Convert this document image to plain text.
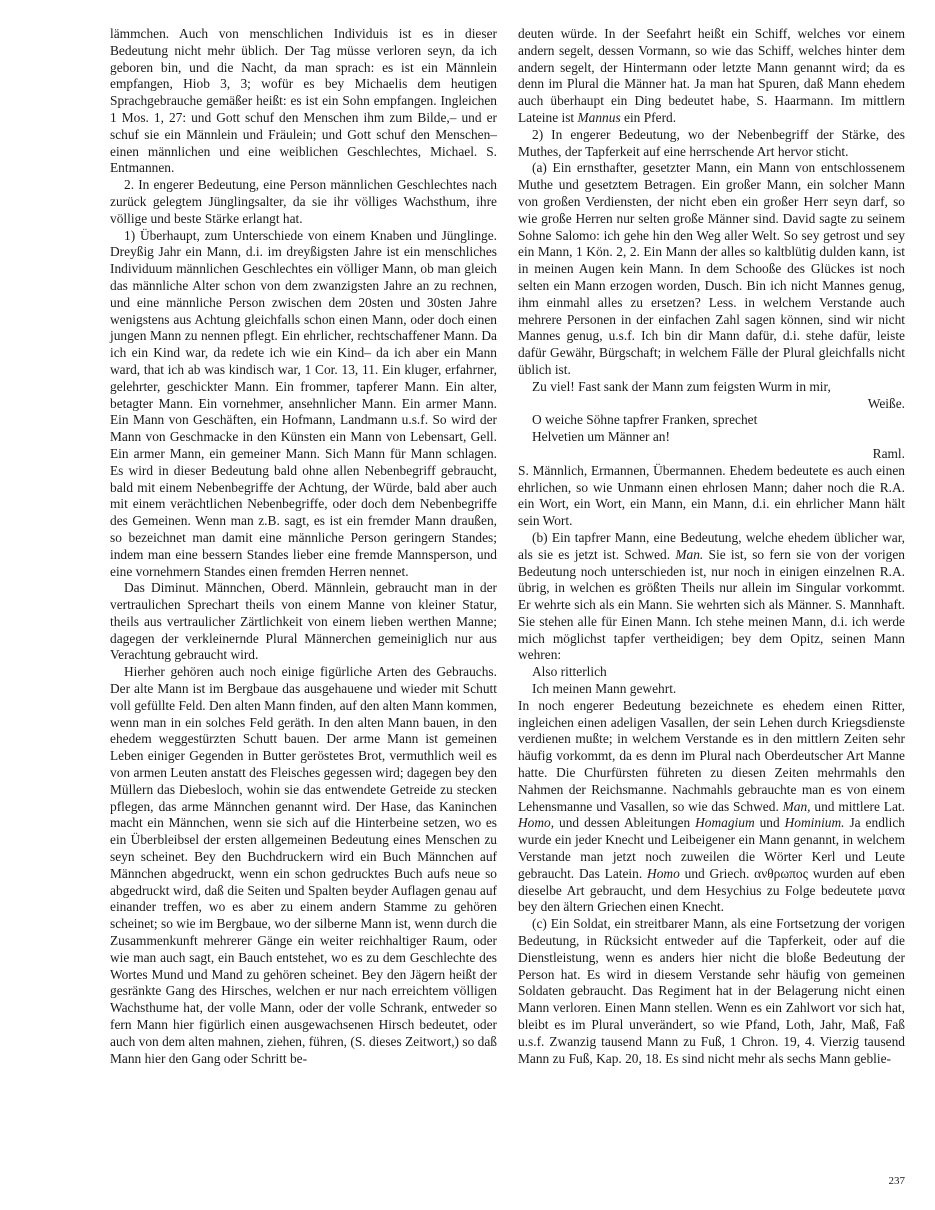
lämmchen. Auch von menschlichen Individuis ist es in dieser Bedeutung nicht mehr üblich. Der Tag müsse verloren seyn, da ich geboren bin, und die Nacht, da man sprach: es ist ein Männlein empfangen, Hiob 3, 3; wofür es bey Michaelis dem heutigen Sprachgebrauche gemäßer heißt: es ist ein Sohn empfangen. Ingleichen 1 Mos. 1, 27: und Gott schuf den Menschen ihm zum Bilde,– und er schuf sie ein Männlein und Fräulein; und Gott schuf den Menschen– einen männlichen und eine weiblichen Geschlechtes, Michael. S. Entmannen.

2. In engerer Bedeutung, eine Person männlichen Geschlechtes nach zurück gelegtem Jünglingsalter, da sie ihr völliges Wachsthum, ihre völlige und beste Stärke erlangt hat.

1) Überhaupt, zum Unterschiede von einem Knaben und Jünglinge. Dreyßig Jahr ein Mann, d.i. im dreyßigsten Jahre ist ein menschliches Individuum männlichen Geschlechtes ein völliger Mann, ob man gleich das männliche Alter schon von dem zwanzigsten Jahre an zu rechnen, und eine männliche Person zwischen dem 20sten und 30sten Jahre wenigstens aus Achtung gleichfalls schon einen Mann, oder doch einen jungen Mann zu nennen pflegt. Ein ehrlicher, rechtschaffener Mann. Da ich ein Kind war, da redete ich wie ein Kind– da ich aber ein Mann ward, that ich ab was kindisch war, 1 Cor. 13, 11. Ein kluger, erfahrner, gelehrter, geschickter Mann. Ein frommer, tapferer Mann. Ein alter, betagter Mann. Ein vornehmer, ansehnlicher Mann. Ein armer Mann. Ein Mann von Geschäften, ein Hofmann, Landmann u.s.f. So wird der Mann von Geschmacke in den Künsten ein Mann von Lebensart, Gell. Ein armer Mann, ein gemeiner Mann. Sich Mann für Mann schlagen. Es wird in dieser Bedeutung bald ohne allen Nebenbegriff gebraucht, bald mit einem Nebenbegriffe der Achtung, der Würde, bald aber auch mit einem verächtlichen Nebenbegriffe, oder doch dem Nebenbegriffe des Gemeinen. Wenn man z.B. sagt, es ist ein fremder Mann draußen, so bezeichnet man damit eine männliche Person geringern Standes; indem man eine bessern Standes lieber eine fremde Mannsperson, und eine vornehmern Standes einen fremden Herren nennet.

Das Diminut. Männchen, Oberd. Männlein, gebraucht man in der vertraulichen Sprechart theils von einem Manne von kleiner Statur, theils aus vertraulicher Zärtlichkeit von einem lieben werthen Manne; dagegen der verkleinernde Plural Männerchen gemeiniglich nur aus Verachtung gebraucht wird.

Hierher gehören auch noch einige figürliche Arten des Gebrauchs. Der alte Mann ist im Bergbaue das ausgehauene und wieder mit Schutt voll gefüllte Feld. Den alten Mann finden, auf den alten Mann kommen, wenn man in ein solches Feld geräth. In den alten Mann bauen, in den ehedem weggestürzten Schutt bauen. Der arme Mann ist gemeinen Leben einiger Gegenden in Butter geröstetes Brot, vermuthlich weil es von armen Leuten anstatt des Fleisches gegessen wird; dagegen bey den Müllern das Diebesloch, wohin sie das entwendete Getreide zu stecken pflegen, das arme Männchen genannt wird. Der Hase, das Kaninchen macht ein Männchen, wenn sie sich auf die Hinterbeine setzen, wo es ein Überbleibsel der ersten allgemeinen Bedeutung eines Menschen zu seyn scheinet. Bey den Buchdruckern wird ein Buch Männchen auf Männchen abgedruckt, wenn ein schon gedrucktes Buch aufs neue so abgedruckt wird, daß die Seiten und Spalten beyder Auflagen genau auf einander treffen, wo es aber zu einem andern Stamme zu gehören scheinet; so wie im Bergbaue, wo der silberne Mann ist, wenn durch die Zusammenkunft mehrerer Gänge ein weiter reichhaltiger Raum, oder wie man auch sagt, ein Bauch entstehet, wo es zu dem Geschlechte des Wortes Mund und Mand zu gehören scheinet. Bey den Jägern heißt der gesränkte Gang des Hirsches, welchen er nur nach erreichtem völligen Wachsthume hat, der volle Mann, oder der volle Schrank, entweder so fern Mann hier figürlich einen ausgewachsenen Hirsch bedeutet, oder auch von dem alten mahnen, ziehen, führen, (S. dieses Zeitwort,) so daß Mann hier den Gang oder Schritt be-

deuten würde. In der Seefahrt heißt ein Schiff, welches vor einem andern segelt, dessen Vormann, so wie das Schiff, welches hinter dem andern segelt, der Hintermann oder letzte Mann genannt wird; da es denn im Plural die Männer hat. Ja man hat Spuren, daß Mann ehedem auch überhaupt ein Ding bedeutet habe, S. Haarmann. Im mittlern Lateine ist Mannus ein Pferd.

2) In engerer Bedeutung, wo der Nebenbegriff der Stärke, des Muthes, der Tapferkeit auf eine herrschende Art hervor sticht.

(a) Ein ernsthafter, gesetzter Mann, ein Mann von entschlossenem Muthe und gesetztem Betragen. Ein großer Mann, ein solcher Mann von großen Verdiensten, der nicht eben ein großer Herr seyn darf, so wie große Herren nur selten große Männer sind. David sagte zu seinem Sohne Salomo: ich gehe hin den Weg aller Welt. So sey getrost und sey ein Mann, 1 Kön. 2, 2. Ein Mann der alles so kaltblütig dulden kann, ist in meinen Augen kein Mann. In dem Schooße des Glückes ist noch selten ein Mann erzogen worden, Dusch. Bin ich nicht Mannes genug, ihm einmahl alles zu ersetzen? Less. in welchem Verstande auch mehrere Personen in der einfachen Zahl sagen können, sind wir nicht Mannes genug, u.s.f. Ich bin dir Mann dafür, d.i. stehe dafür, leiste dafür Gewähr, Bürgschaft; in welchem Fälle der Plural gleichfalls nicht üblich ist.

Zu viel! Fast sank der Mann zum feigsten Wurm in mir,

Weiße.

O weiche Söhne tapfrer Franken, sprechet

Helvetien um Männer an!

Raml.

S. Männlich, Ermannen, Übermannen. Ehedem bedeutete es auch einen ehrlichen, so wie Unmann einen ehrlosen Mann; daher noch die R.A. ein Wort, ein Wort, ein Mann, ein Mann, d.i. ein ehrlicher Mann hält sein Wort.

(b) Ein tapfrer Mann, eine Bedeutung, welche ehedem üblicher war, als sie es jetzt ist. Schwed. Man. Sie ist, so fern sie von der vorigen Bedeutung noch unterschieden ist, nur noch in einigen einzelnen R.A. übrig, in welchen es größten Theils nur allein im Singular vorkommt. Er wehrte sich als ein Mann. Sie wehrten sich als Männer. S. Mannhaft. Sie stehen alle für Einen Mann. Ich stehe meinen Mann, d.i. ich werde mich möglichst tapfer vertheidigen; bey dem Opitz, seinen Mann wehren:

Also ritterlich

Ich meinen Mann gewehrt.

In noch engerer Bedeutung bezeichnete es ehedem einen Ritter, ingleichen einen adeligen Vasallen, der sein Lehen durch Kriegsdienste verdienen mußte; in welchem Verstande es in den mittlern Zeiten sehr häufig vorkommt, da es denn im Plural nach Oberdeutscher Art Manne hatte. Die Churfürsten führeten zu diesen Zeiten mehrmahls den Nahmen der Reichsmanne. Nachmahls gebrauchte man es von einem Lehensmanne und Vasallen, so wie das Schwed. Man, und mittlere Lat. Homo, und dessen Ableitungen Homagium und Hominium. Ja endlich wurde ein jeder Knecht und Leibeigener ein Mann genannt, in welchem Verstande man jetzt noch zuweilen die Wörter Kerl und Leute gebraucht. Das Latein. Homo und Griech. ανθρωπος wurden auf eben dieselbe Art gebraucht, und dem Hesychius zu Folge bedeutete μανα bey den ältern Griechen einen Knecht.

(c) Ein Soldat, ein streitbarer Mann, als eine Fortsetzung der vorigen Bedeutung, in Rücksicht entweder auf die Tapferkeit, oder auf die Dienstleistung, wenn es anders hier nicht die bloße Bedeutung der Person hat. Es wird in diesem Verstande sehr häufig von gemeinen Soldaten gebraucht. Das Regiment hat in der Belagerung nicht einen Mann verloren. Einen Mann stellen. Wenn es ein Zahlwort vor sich hat, bleibt es im Plural unverändert, so wie Pfand, Loth, Jahr, Maß, Faß u.s.f. Zwanzig tausend Mann zu Fuß, 1 Chron. 19, 4. Vierzig tausend Mann zu Fuß, Kap. 20, 18. Es sind nicht mehr als sechs Mann geblie-

237
